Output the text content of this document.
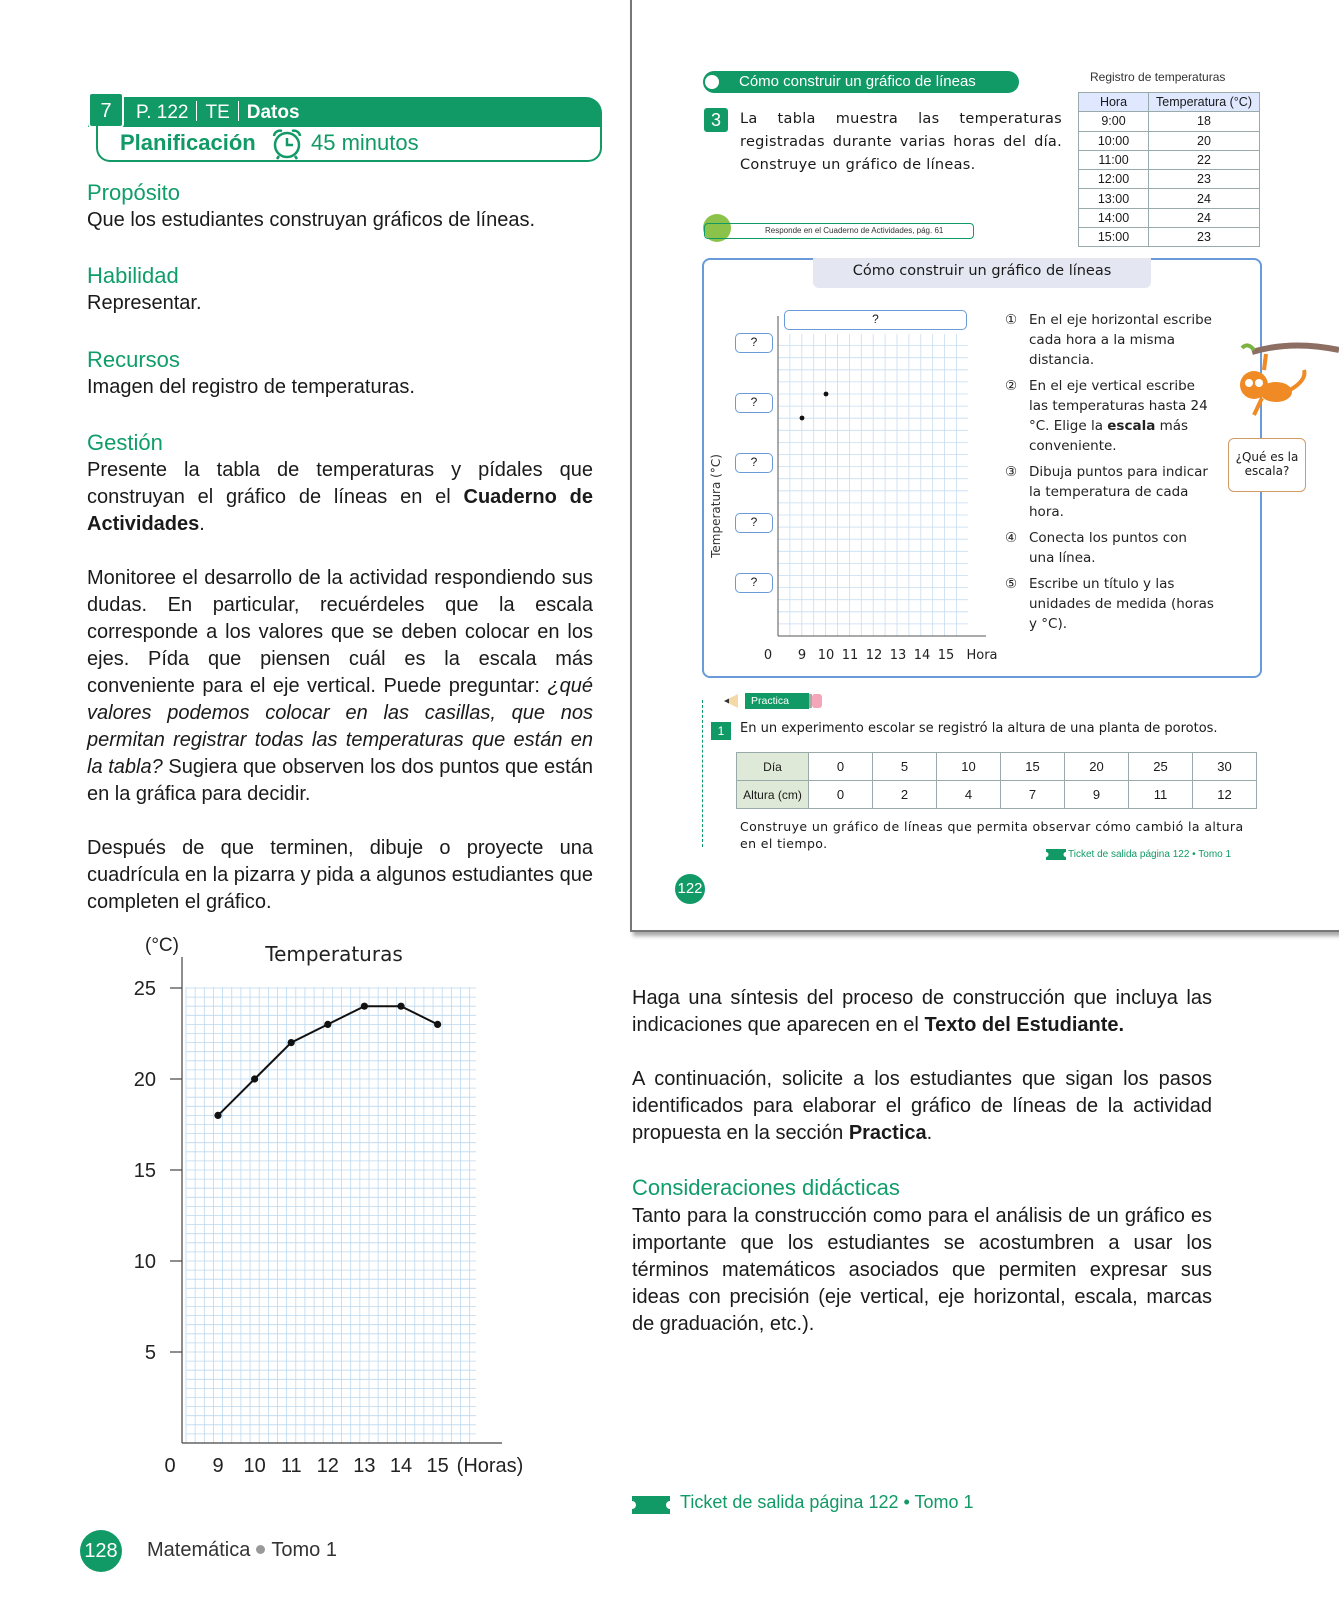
7	P. 122 TE Datos
Planificación	45 minutos
Propósito
Que los estudiantes construyan gráficos de líneas.
Habilidad
Representar.
Recursos
Imagen del registro de temperaturas.
Gestión
Presente la tabla de temperaturas y pídales que construyan el gráfico de líneas en el Cuaderno de Actividades.
Monitoree el desarrollo de la actividad respondiendo sus dudas. En particular, recuérdeles que la escala corresponde a los valores que se deben colocar en los ejes. Pída que piensen cuál es la escala más conveniente para el eje vertical. Puede preguntar: ¿qué valores podemos colocar en las casillas, que nos permitan registrar todas las temperaturas que están en la tabla? Sugiera que observen los dos puntos que están en la gráfica para decidir.
Después de que terminen, dibuje o proyecte una cuadrícula en la pizarra y pida a algunos estudiantes que completen el gráfico.
25
20
15
10
5
0 9 10 11 12 13 14 15 (Horas)
(°C)	Temperaturas
Cómo construir un gráfico de líneas
3	La tabla muestra las temperaturas registradas durante varias horas del día. Construye un gráfico de líneas.
Responde en el Cuaderno de Actividades, pág. 61
Registro de temperaturas
Hora	Temperatura (°C)
9:00	18
10:00	20
11:00	22
12:00	23
13:00	24
14:00	24
15:00	23
Cómo construir un gráfico de líneas
Temperatura (°C)
0 9 10 11 12 13 14 15 Hora
?
?
?
?
?
?	① En el eje horizontal escribe cada hora a la misma distancia.
② En el eje vertical escribe las temperaturas hasta 24 °C. Elige la escala más conveniente.
③ Dibuja puntos para indicar la temperatura de cada hora.
④ Conecta los puntos con una línea.
⑤ Escribe un título y las unidades de medida (horas y °C).
¿Qué es la escala?
Practica
1	En un experimento escolar se registró la altura de una planta de porotos.
Día	0	5	10	15	20	25	30
Altura (cm)	0	2	4	7	9	11	12
Construye un gráfico de líneas que permita observar cómo cambió la altura en el tiempo.
Ticket de salida página 122 • Tomo 1
122
Haga una síntesis del proceso de construcción que incluya las indicaciones que aparecen en el Texto del Estudiante.
A continuación, solicite a los estudiantes que sigan los pasos identificados para elaborar el gráfico de líneas de la actividad propuesta en la sección Practica.
Consideraciones didácticas
Tanto para la construcción como para el análisis de un gráfico es importante que los estudiantes se acostumbren a usar los términos matemáticos asociados que permiten expresar sus ideas con precisión (eje vertical, eje horizontal, escala, marcas de graduación, etc.).
Ticket de salida página 122 • Tomo 1
128 Matemática Tomo 1
